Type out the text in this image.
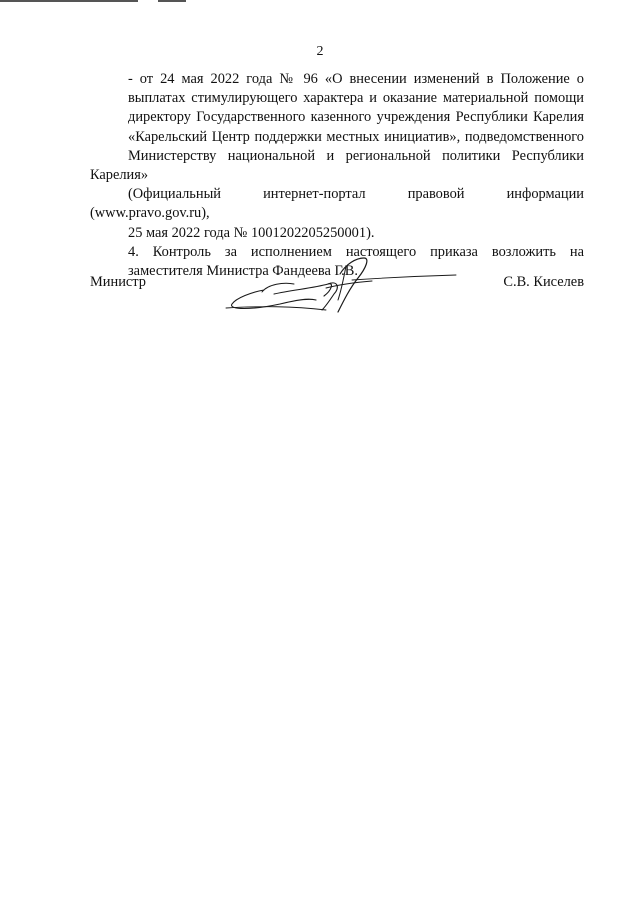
2

- от 24 мая 2022 года № 96 «О внесении изменений в Положение о
выплатах стимулирующего характера и оказание материальной помощи
директору Государственного казенного учреждения Республики Карелия
«Карельский Центр поддержки местных инициатив», подведомственного
Министерству национальной и региональной политики Республики Карелия»
(Официальный интернет-портал правовой информации (www.pravo.gov.ru),
25 мая 2022 года № 1001202205250001).

4. Контроль за исполнением настоящего приказа возложить на
заместителя Министра Фандеева Г.В.

Министр	С.В. Киселев
